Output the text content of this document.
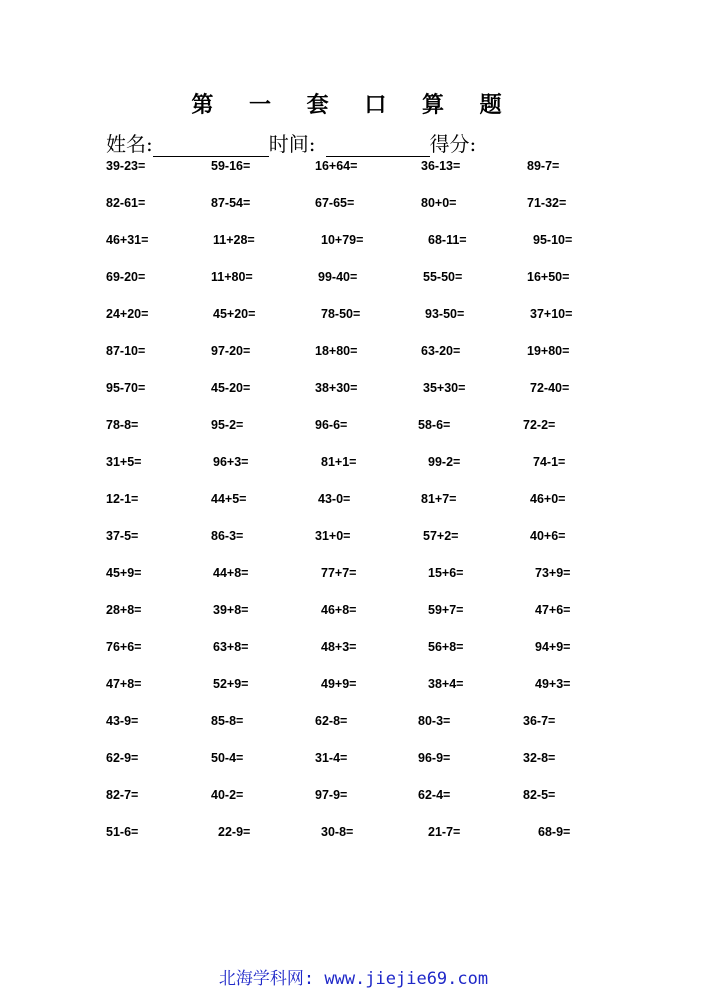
第 一 套 口 算 题
姓名:	时间:	得分:
39-23=	59-16=	16+64=	36-13=	89-7=
82-61=	87-54=	67-65=	80+0=	71-32=
46+31=	11+28=	10+79=	68-11=	95-10=
69-20=	11+80=	99-40=	55-50=	16+50=
24+20=	45+20=	78-50=	93-50=	37+10=
87-10=	97-20=	18+80=	63-20=	19+80=
95-70=	45-20=	38+30=	35+30=	72-40=
78-8=	95-2=	96-6=	58-6=	72-2=
31+5=	96+3=	81+1=	99-2=	74-1=
12-1=	44+5=	43-0=	81+7=	46+0=
37-5=	86-3=	31+0=	57+2=	40+6=
45+9=	44+8=	77+7=	15+6=	73+9=
28+8=	39+8=	46+8=	59+7=	47+6=
76+6=	63+8=	48+3=	56+8=	94+9=
47+8=	52+9=	49+9=	38+4=	49+3=
43-9=	85-8=	62-8=	80-3=	36-7=
62-9=	50-4=	31-4=	96-9=	32-8=
82-7=	40-2=	97-9=	62-4=	82-5=
51-6=	22-9=	30-8=	21-7=	68-9=
北海学科网: www.jiejie69.com
